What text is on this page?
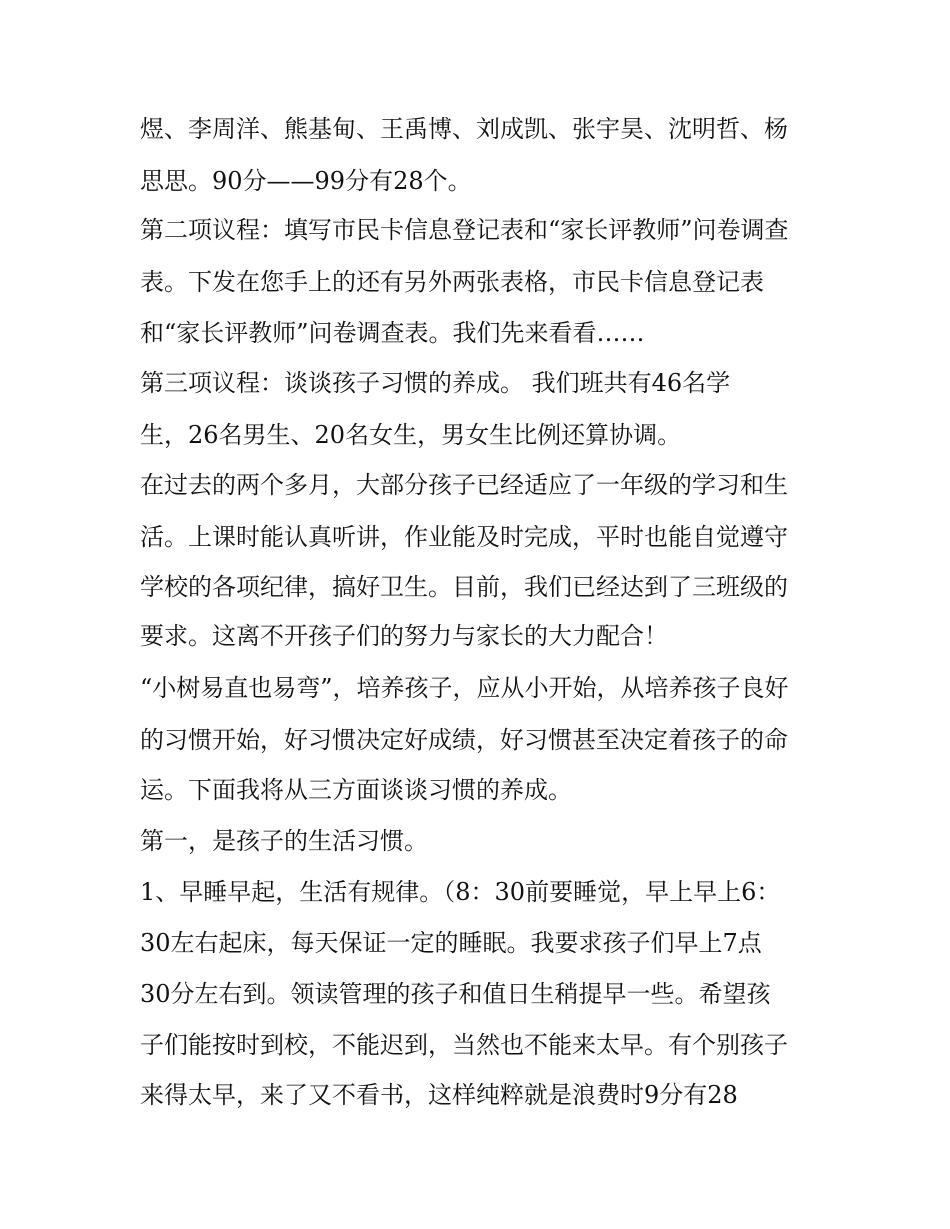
煜、李周洋、熊基甸、王禹博、刘成凯、张宇昊、沈明哲、杨
思思。90分——99分有28个。
第二项议程：填写市民卡信息登记表和“家长评教师”问卷调查
表。下发在您手上的还有另外两张表格，市民卡信息登记表
和“家长评教师”问卷调查表。我们先来看看……
第三项议程：谈谈孩子习惯的养成。 我们班共有46名学
生，26名男生、20名女生，男女生比例还算协调。
在过去的两个多月，大部分孩子已经适应了一年级的学习和生
活。上课时能认真听讲，作业能及时完成，平时也能自觉遵守
学校的各项纪律，搞好卫生。目前，我们已经达到了三班级的
要求。这离不开孩子们的努力与家长的大力配合！
“小树易直也易弯”，培养孩子，应从小开始，从培养孩子良好
的习惯开始，好习惯决定好成绩，好习惯甚至决定着孩子的命
运。下面我将从三方面谈谈习惯的养成。
第一，是孩子的生活习惯。
1、早睡早起，生活有规律。（8：30前要睡觉，早上早上6：
30左右起床，每天保证一定的睡眠。我要求孩子们早上7点
30分左右到。领读管理的孩子和值日生稍提早一些。希望孩
子们能按时到校，不能迟到，当然也不能来太早。有个别孩子
来得太早，来了又不看书，这样纯粹就是浪费时9分有28
